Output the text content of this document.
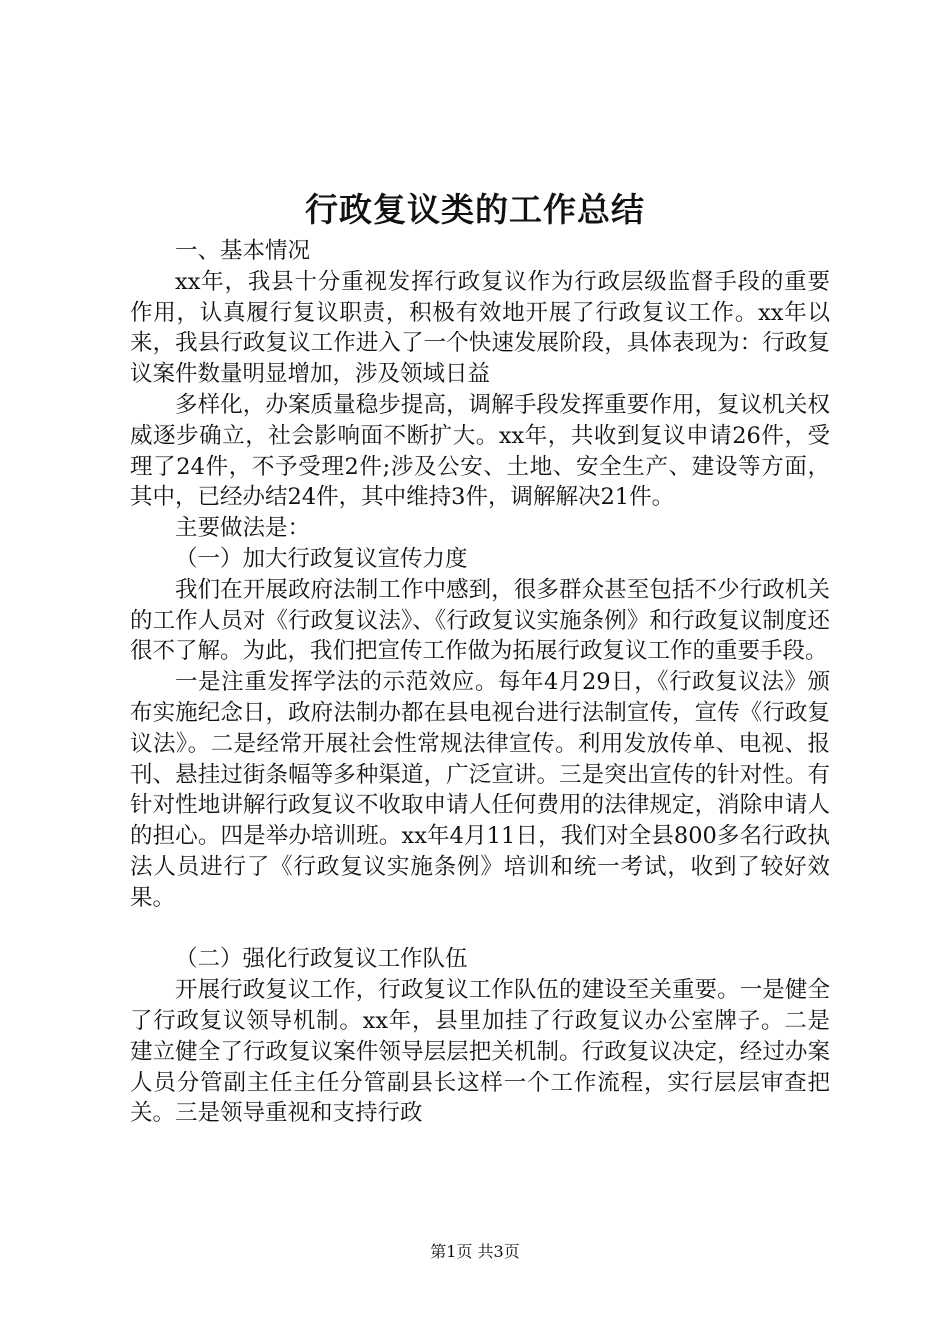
行政复议类的工作总结

一、基本情况

xx年，我县十分重视发挥行政复议作为行政层级监督手段的重要作用，认真履行复议职责，积极有效地开展了行政复议工作。xx年以来，我县行政复议工作进入了一个快速发展阶段，具体表现为：行政复议案件数量明显增加，涉及领域日益

多样化，办案质量稳步提高，调解手段发挥重要作用，复议机关权威逐步确立，社会影响面不断扩大。xx年，共收到复议申请26件，受理了24件，不予受理2件;涉及公安、土地、安全生产、建设等方面，其中，已经办结24件，其中维持3件，调解解决21件。

主要做法是：

（一）加大行政复议宣传力度

我们在开展政府法制工作中感到，很多群众甚至包括不少行政机关的工作人员对《行政复议法》、《行政复议实施条例》和行政复议制度还很不了解。为此，我们把宣传工作做为拓展行政复议工作的重要手段。

一是注重发挥学法的示范效应。每年4月29日，《行政复议法》颁布实施纪念日，政府法制办都在县电视台进行法制宣传，宣传《行政复议法》。二是经常开展社会性常规法律宣传。利用发放传单、电视、报刊、悬挂过街条幅等多种渠道，广泛宣讲。三是突出宣传的针对性。有针对性地讲解行政复议不收取申请人任何费用的法律规定，消除申请人的担心。四是举办培训班。xx年4月11日，我们对全县800多名行政执法人员进行了《行政复议实施条例》培训和统一考试，收到了较好效果。

（二）强化行政复议工作队伍

开展行政复议工作，行政复议工作队伍的建设至关重要。一是健全了行政复议领导机制。xx年，县里加挂了行政复议办公室牌子。二是建立健全了行政复议案件领导层层把关机制。行政复议决定，经过办案人员分管副主任主任分管副县长这样一个工作流程，实行层层审查把关。三是领导重视和支持行政

第1页 共3页
